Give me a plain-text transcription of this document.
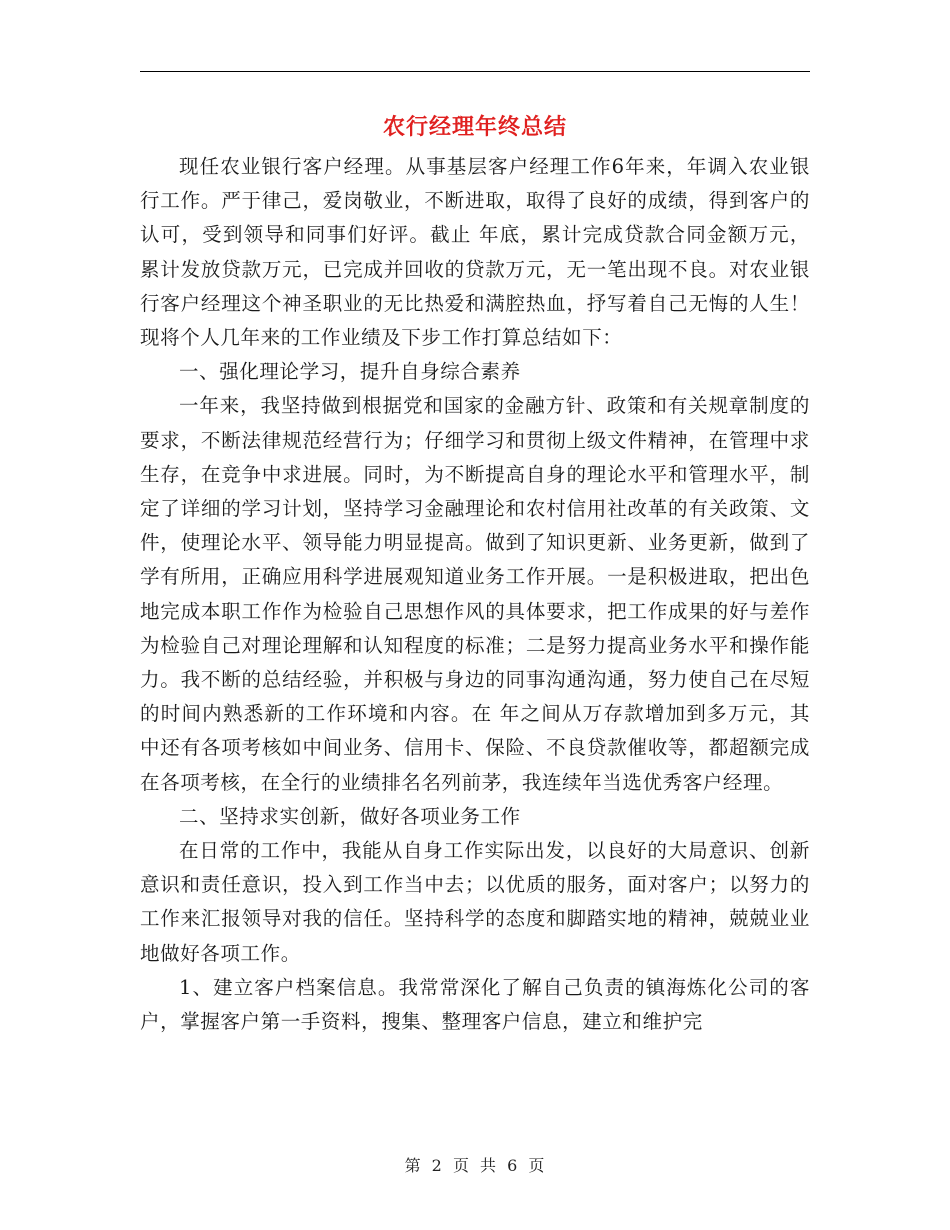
农行经理年终总结

现任农业银行客户经理。从事基层客户经理工作6年来，年调入农业银行工作。严于律己，爱岗敬业，不断进取，取得了良好的成绩，得到客户的认可，受到领导和同事们好评。截止 年底，累计完成贷款合同金额万元，累计发放贷款万元，已完成并回收的贷款万元，无一笔出现不良。对农业银行客户经理这个神圣职业的无比热爱和满腔热血，抒写着自己无悔的人生！现将个人几年来的工作业绩及下步工作打算总结如下：

一、强化理论学习，提升自身综合素养

一年来，我坚持做到根据党和国家的金融方针、政策和有关规章制度的要求，不断法律规范经营行为；仔细学习和贯彻上级文件精神，在管理中求生存，在竞争中求进展。同时，为不断提高自身的理论水平和管理水平，制定了详细的学习计划，坚持学习金融理论和农村信用社改革的有关政策、文件，使理论水平、领导能力明显提高。做到了知识更新、业务更新，做到了学有所用，正确应用科学进展观知道业务工作开展。一是积极进取，把出色地完成本职工作作为检验自己思想作风的具体要求，把工作成果的好与差作为检验自己对理论理解和认知程度的标准；二是努力提高业务水平和操作能力。我不断的总结经验，并积极与身边的同事沟通沟通，努力使自己在尽短的时间内熟悉新的工作环境和内容。在 年之间从万存款增加到多万元，其中还有各项考核如中间业务、信用卡、保险、不良贷款催收等，都超额完成在各项考核，在全行的业绩排名名列前茅，我连续年当选优秀客户经理。

二、坚持求实创新，做好各项业务工作

在日常的工作中，我能从自身工作实际出发，以良好的大局意识、创新意识和责任意识，投入到工作当中去；以优质的服务，面对客户；以努力的工作来汇报领导对我的信任。坚持科学的态度和脚踏实地的精神，兢兢业业地做好各项工作。

1、建立客户档案信息。我常常深化了解自己负责的镇海炼化公司的客户，掌握客户第一手资料，搜集、整理客户信息，建立和维护完

第 2 页 共 6 页
